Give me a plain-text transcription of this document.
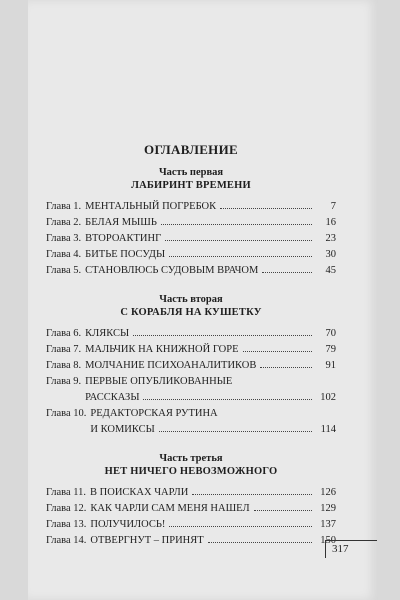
ОГЛАВЛЕНИЕ
Часть первая
ЛАБИРИНТ ВРЕМЕНИ
Глава 1. МЕНТАЛЬНЫЙ ПОГРЕБОК	7
Глава 2. БЕЛАЯ МЫШЬ	16
Глава 3. ВТОРОАКТИНГ	23
Глава 4. БИТЬЕ ПОСУДЫ	30
Глава 5. СТАНОВЛЮСЬ СУДОВЫМ ВРАЧОМ	45
Часть вторая
С КОРАБЛЯ НА КУШЕТКУ
Глава 6. КЛЯКСЫ	70
Глава 7. МАЛЬЧИК НА КНИЖНОЙ ГОРЕ	79
Глава 8. МОЛЧАНИЕ ПСИХОАНАЛИТИКОВ	91
Глава 9. ПЕРВЫЕ ОПУБЛИКОВАННЫЕ
РАССКАЗЫ	102
Глава 10. РЕДАКТОРСКАЯ РУТИНА
И КОМИКСЫ	114
Часть третья
НЕТ НИЧЕГО НЕВОЗМОЖНОГО
Глава 11. В ПОИСКАХ ЧАРЛИ	126
Глава 12. КАК ЧАРЛИ САМ МЕНЯ НАШЕЛ	129
Глава 13. ПОЛУЧИЛОСЬ!	137
Глава 14. ОТВЕРГНУТ – ПРИНЯТ	150
317
